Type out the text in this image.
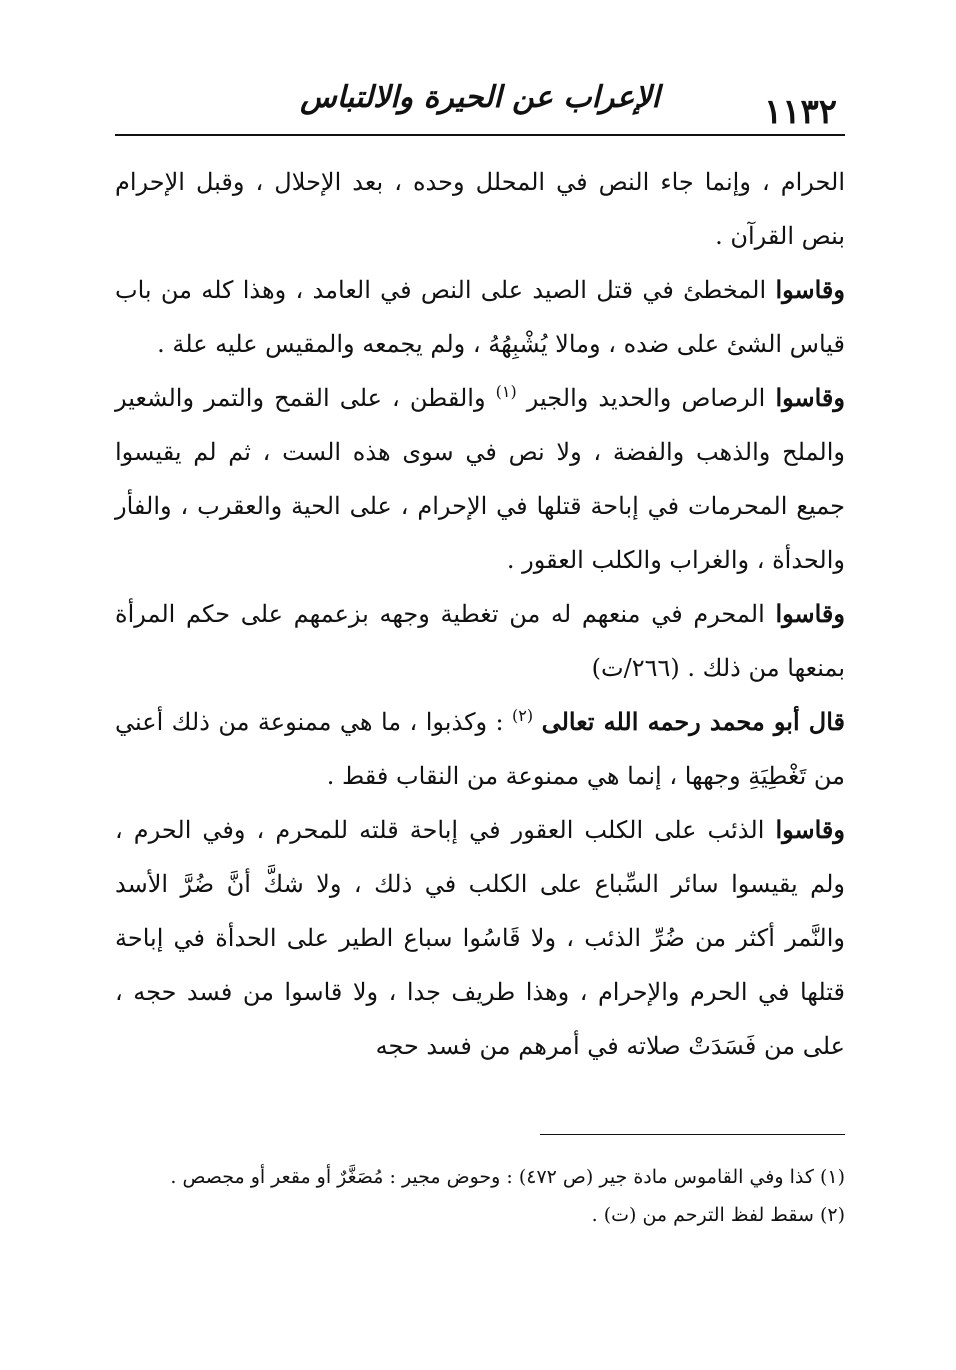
١١٣٢
الإعراب عن الحيرة والالتباس

الحرام ، وإنما جاء النص في المحلل وحده ، بعد الإحلال ، وقبل الإحرام بنص القرآن .

وقاسوا المخطئ في قتل الصيد على النص في العامد ، وهذا كله من باب قياس الشئ على ضده ، ومالا يُشْبِهُهُ ، ولم يجمعه والمقيس عليه علة .

وقاسوا الرصاص والحديد والجير $^{(١)}$ والقطن ، على القمح والتمر والشعير والملح والذهب والفضة ، ولا نص في سوى هذه الست ، ثم لم يقيسوا جميع المحرمات في إباحة قتلها في الإحرام ، على الحية والعقرب ، والفأر والحدأة ، والغراب والكلب العقور .

وقاسوا المحرم في منعهم له من تغطية وجهه بزعمهم على حكم المرأة بمنعها من ذلك . (٢٦٦/ت)

قال أبو محمد رحمه الله تعالى $^{(٢)}$ : وكذبوا ، ما هي ممنوعة من ذلك أعني من تَغْطِيَةِ وجهها ، إنما هي ممنوعة من النقاب فقط .

وقاسوا الذئب على الكلب العقور في إباحة قلته للمحرم ، وفي الحرم ، ولم يقيسوا سائر السِّباع على الكلب في ذلك ، ولا شكَّ أنَّ ضُرَّ الأسد والنَّمر أكثر من ضُرِّ الذئب ، ولا قَاسُوا سباع الطير على الحدأة في إباحة قتلها في الحرم والإحرام ، وهذا طريف جدا ، ولا قاسوا من فسد حجه ، على من فَسَدَتْ صلاته في أمرهم من فسد حجه

(١) كذا وفي القاموس مادة جير (ص ٤٧٢) : وحوض مجير : مُصَغَّرٌ أو مقعر أو مجصص .

(٢) سقط لفظ الترحم من (ت) .
